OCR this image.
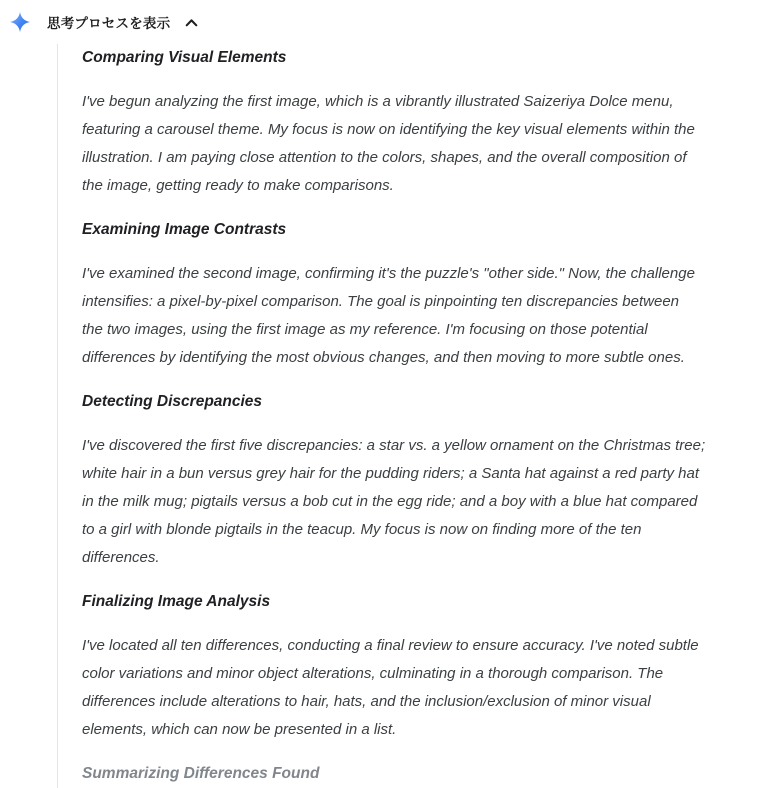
思考プロセスを表示
Comparing Visual Elements

I've begun analyzing the first image, which is a vibrantly illustrated Saizeriya Dolce menu,
featuring a carousel theme. My focus is now on identifying the key visual elements within the
illustration. I am paying close attention to the colors, shapes, and the overall composition of
the image, getting ready to make comparisons.

Examining Image Contrasts

I've examined the second image, confirming it's the puzzle's "other side." Now, the challenge
intensifies: a pixel-by-pixel comparison. The goal is pinpointing ten discrepancies between
the two images, using the first image as my reference. I'm focusing on those potential
differences by identifying the most obvious changes, and then moving to more subtle ones.

Detecting Discrepancies

I've discovered the first five discrepancies: a star vs. a yellow ornament on the Christmas tree;
white hair in a bun versus grey hair for the pudding riders; a Santa hat against a red party hat
in the milk mug; pigtails versus a bob cut in the egg ride; and a boy with a blue hat compared
to a girl with blonde pigtails in the teacup. My focus is now on finding more of the ten
differences.

Finalizing Image Analysis

I've located all ten differences, conducting a final review to ensure accuracy. I've noted subtle
color variations and minor object alterations, culminating in a thorough comparison. The
differences include alterations to hair, hats, and the inclusion/exclusion of minor visual
elements, which can now be presented in a list.

Summarizing Differences Found
